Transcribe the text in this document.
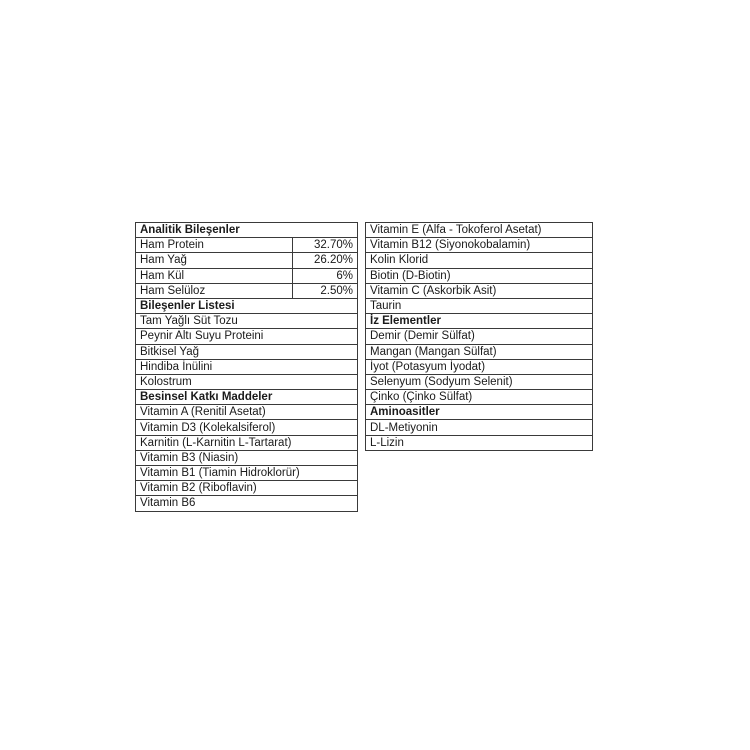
Analitik Bileşenler	
Ham Protein	32.70%
Ham Yağ	26.20%
Ham Kül	6%
Ham Selüloz	2.50%
Bileşenler Listesi	
Tam Yağlı Süt Tozu	
Peynir Altı Suyu Proteini	
Bitkisel Yağ	
Hindiba İnülini	
Kolostrum	
Besinsel Katkı Maddeler	
Vitamin A (Renitil Asetat)	
Vitamin D3 (Kolekalsiferol)	
Karnitin (L-Karnitin L-Tartarat)	
Vitamin B3 (Niasin)	
Vitamin B1 (Tiamin Hidroklorür)	
Vitamin B2 (Riboflavin)	
Vitamin B6	
Vitamin E (Alfa - Tokoferol Asetat)
Vitamin B12 (Siyonokobalamin)
Kolin Klorid
Biotin (D-Biotin)
Vitamin C (Askorbik Asit)
Taurin
İz Elementler
Demir (Demir Sülfat)
Mangan (Mangan Sülfat)
İyot (Potasyum İyodat)
Selenyum (Sodyum Selenit)
Çinko (Çinko Sülfat)
Aminoasitler
DL-Metiyonin
L-Lizin
